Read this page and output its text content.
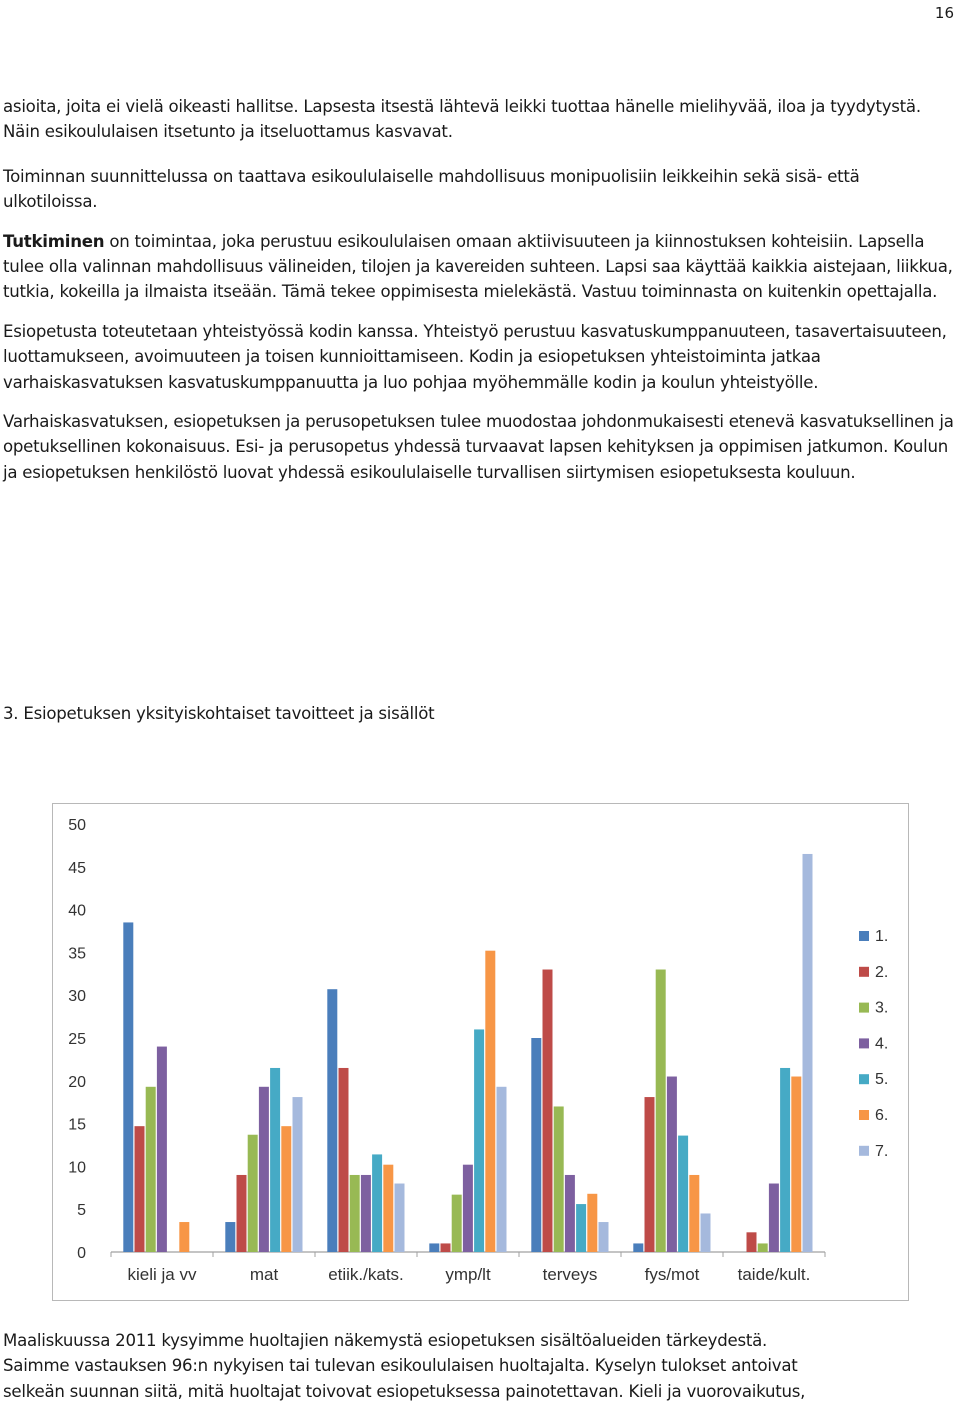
16

asioita, joita ei vielä oikeasti hallitse. Lapsesta itsestä lähtevä leikki tuottaa hänelle mielihyvää, iloa ja tyydytystä. Näin esikoululaisen itsetunto ja itseluottamus kasvavat.

Toiminnan suunnittelussa on taattava esikoululaiselle mahdollisuus monipuolisiin leikkeihin sekä sisä- että ulkotiloissa.

Tutkiminen on toimintaa, joka perustuu esikoululaisen omaan aktiivisuuteen ja kiinnostuksen kohteisiin. Lapsella tulee olla valinnan mahdollisuus välineiden, tilojen ja kavereiden suhteen. Lapsi saa käyttää kaikkia aistejaan, liikkua, tutkia, kokeilla ja ilmaista itseään. Tämä tekee oppimisesta mielekästä. Vastuu toiminnasta on kuitenkin opettajalla.

Esiopetusta toteutetaan yhteistyössä kodin kanssa. Yhteistyö perustuu kasvatuskumppanuuteen, tasavertaisuuteen, luottamukseen, avoimuuteen ja toisen kunnioittamiseen. Kodin ja esiopetuksen yhteistoiminta jatkaa varhaiskasvatuksen kasvatuskumppanuutta ja luo pohjaa myöhemmälle kodin ja koulun yhteistyölle.

Varhaiskasvatuksen, esiopetuksen ja perusopetuksen tulee muodostaa johdonmukaisesti etenevä kasvatuksellinen ja opetuksellinen kokonaisuus. Esi- ja perusopetus yhdessä turvaavat lapsen kehityksen ja oppimisen jatkumon. Koulun ja esiopetuksen henkilöstö luovat yhdessä esikoululaiselle turvallisen siirtymisen esiopetuksesta kouluun.

3. Esiopetuksen yksityiskohtaiset tavoitteet ja sisällöt
0
5
10
15
20
25
30
35
40
45
50
kieli ja vv	mat	etiik./kats. ymp/lt	terveys	fys/mot taide/kult.
1.
2.
3.
4.
5.
6.
7.

Maaliskuussa 2011 kysyimme huoltajien näkemystä esiopetuksen sisältöalueiden tärkeydestä.

Saimme vastauksen 96:n nykyisen tai tulevan esikoululaisen huoltajalta. Kyselyn tulokset antoivat

selkeän suunnan siitä, mitä huoltajat toivovat esiopetuksessa painotettavan. Kieli ja vuorovaikutus,
